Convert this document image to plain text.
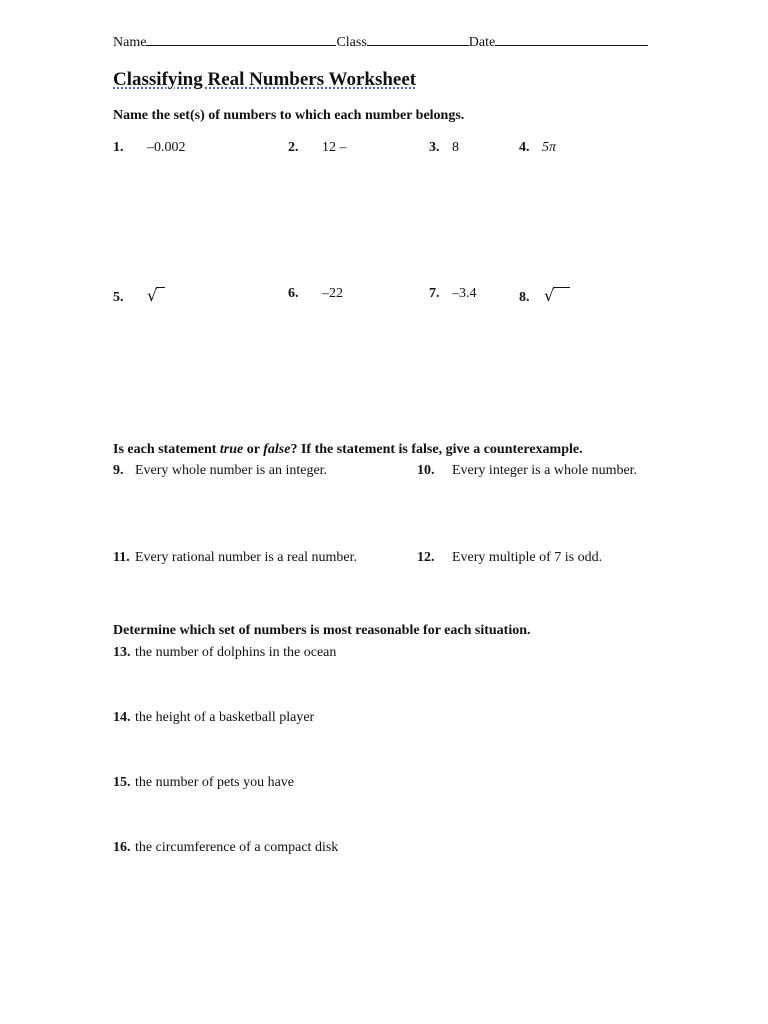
Name	Class	Date
Classifying Real Numbers Worksheet
Name the set(s) of numbers to which each number belongs.
1. –0.002	2. 12 –	3. 8	4. 5π
5. √	6. –22	7. –3.4	8. √
Is each statement true or false? If the statement is false, give a counterexample.
9. Every whole number is an integer.	10. Every integer is a whole number.
11. Every rational number is a real number.	12. Every multiple of 7 is odd.
Determine which set of numbers is most reasonable for each situation.
13. the number of dolphins in the ocean
14. the height of a basketball player
15. the number of pets you have
16. the circumference of a compact disk
